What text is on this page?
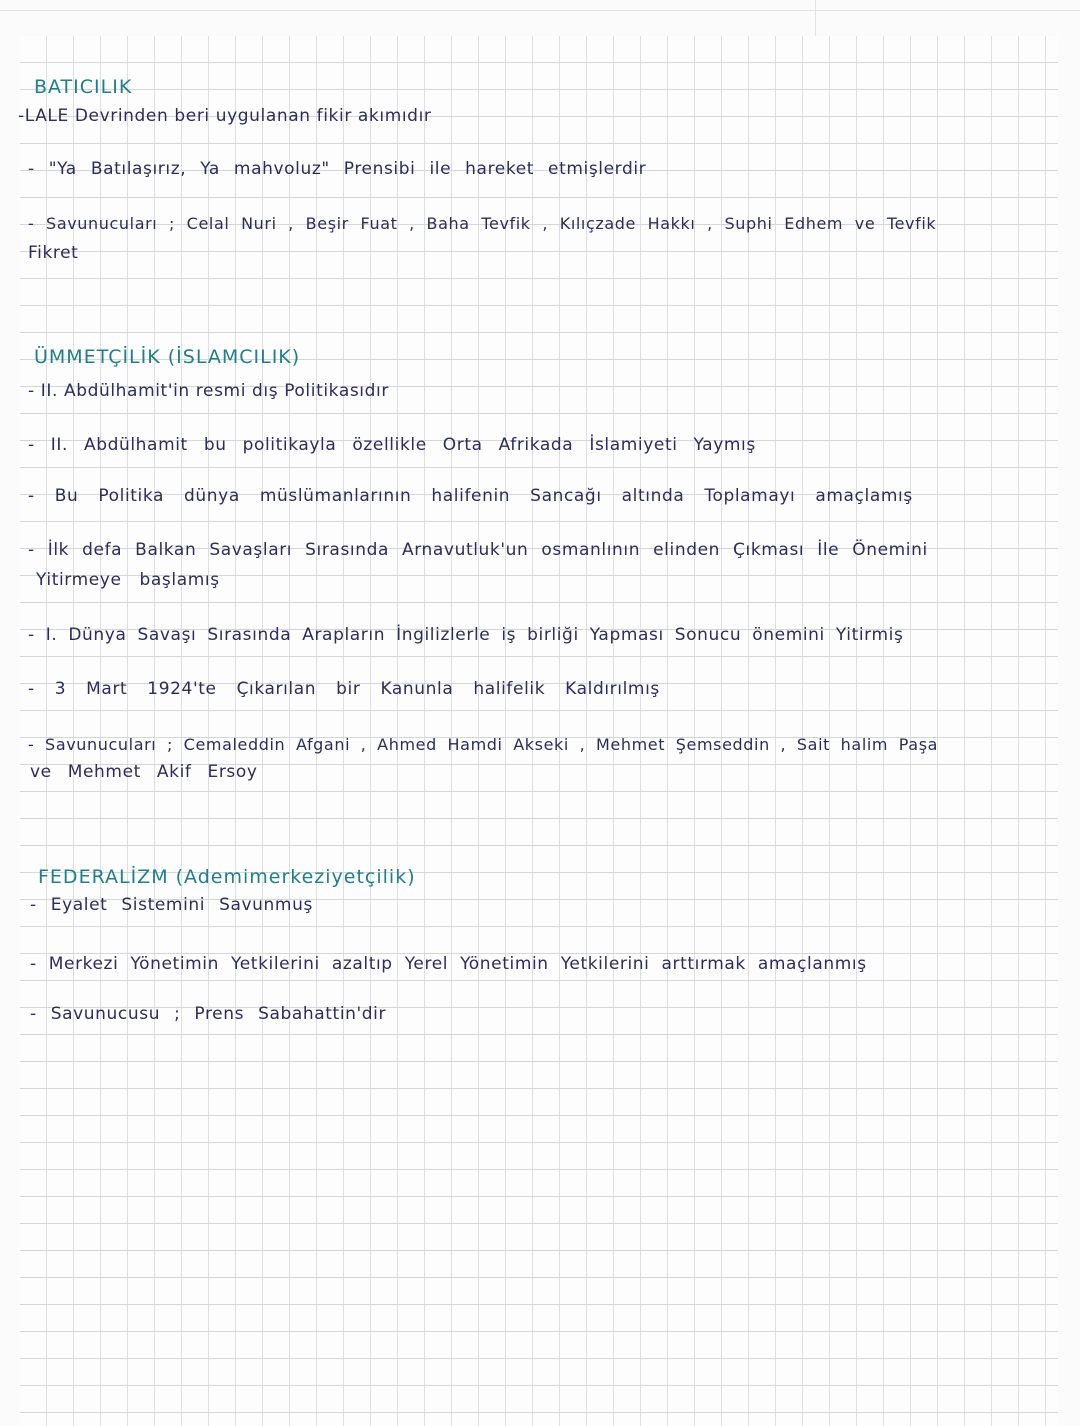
BATICILIK
-LALE Devrinden beri uygulanan fikir akımıdır
- "Ya Batılaşırız, Ya mahvoluz" Prensibi ile hareket etmişlerdir
- Savunucuları ; Celal Nuri , Beşir Fuat , Baha Tevfik , Kılıçzade Hakkı , Suphi Edhem ve Tevfik
Fikret
ÜMMETÇİLİK (İSLAMCILIK)
- II. Abdülhamit'in resmi dış Politikasıdır
- II. Abdülhamit bu politikayla özellikle Orta Afrikada İslamiyeti Yaymış
- Bu Politika dünya müslümanlarının halifenin Sancağı altında Toplamayı amaçlamış
- İlk defa Balkan Savaşları Sırasında Arnavutluk'un osmanlının elinden Çıkması İle Önemini
Yitirmeye başlamış
- I. Dünya Savaşı Sırasında Arapların İngilizlerle iş birliği Yapması Sonucu önemini Yitirmiş
- 3 Mart 1924'te Çıkarılan bir Kanunla halifelik Kaldırılmış
- Savunucuları ; Cemaleddin Afgani , Ahmed Hamdi Akseki , Mehmet Şemseddin , Sait halim Paşa
ve Mehmet Akif Ersoy
FEDERALİZM (Ademimerkeziyetçilik)
- Eyalet Sistemini Savunmuş
- Merkezi Yönetimin Yetkilerini azaltıp Yerel Yönetimin Yetkilerini arttırmak amaçlanmış
- Savunucusu ; Prens Sabahattin'dir
